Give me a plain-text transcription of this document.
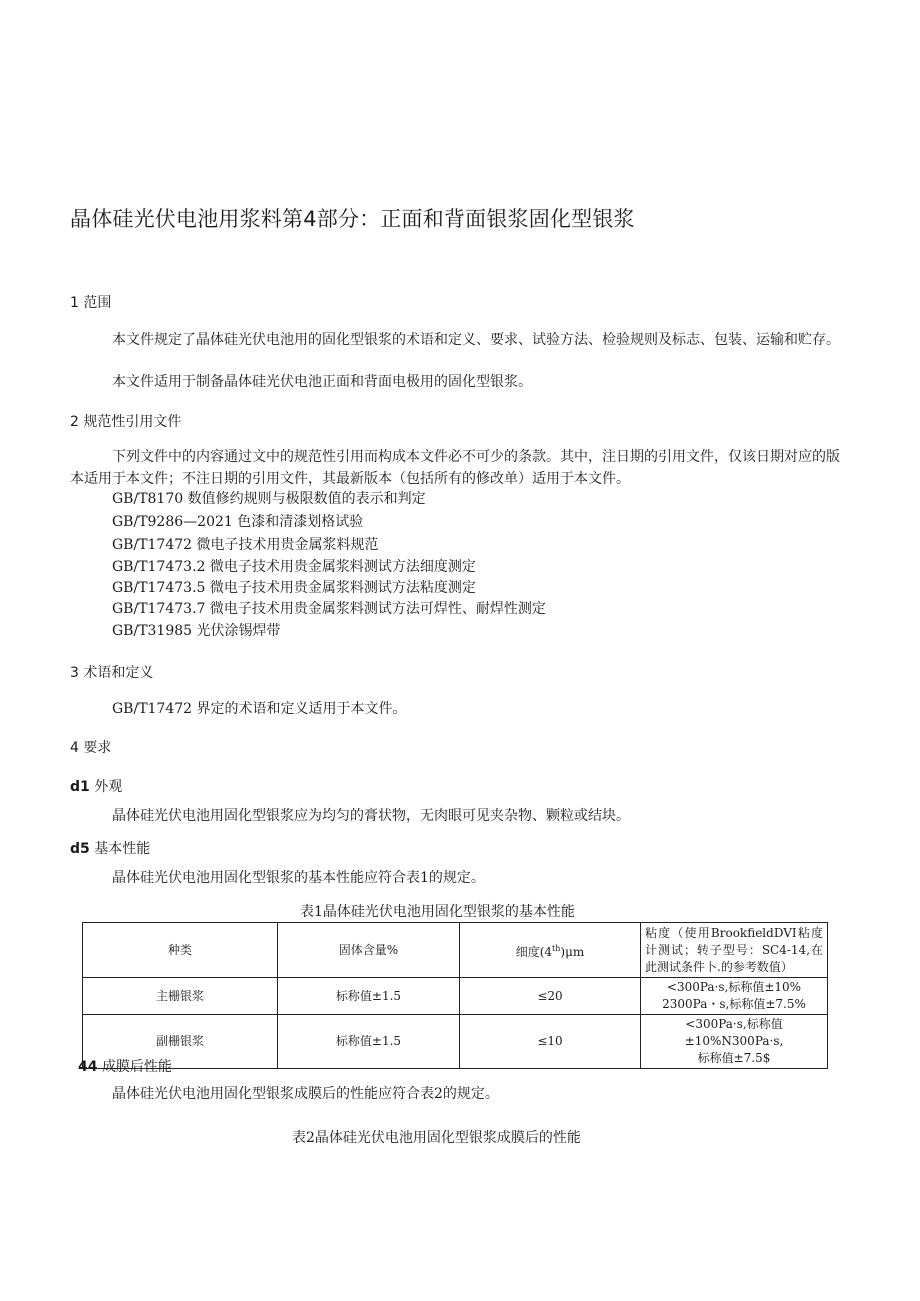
晶体硅光伏电池用浆料第4部分：正面和背面银浆固化型银浆
1 范围
本文件规定了晶体硅光伏电池用的固化型银浆的术语和定义、要求、试验方法、检验规则及标志、包装、运输和贮存。
本文件适用于制备晶体硅光伏电池正面和背面电极用的固化型银浆。
2 规范性引用文件
下列文件中的内容通过文中的规范性引用而构成本文件必不可少的条款。其中，注日期的引用文件，仅该日期对应的版本适用于本文件；不注日期的引用文件，其最新版本（包括所有的修改单）适用于本文件。
GB/T8170 数值修约规则与极限数值的表示和判定
GB/T9286—2021 色漆和清漆划格试验
GB/T17472 微电子技术用贵金属浆料规范
GB/T17473.2 微电子技术用贵金属浆料测试方法细度测定
GB/T17473.5 微电子技术用贵金属浆料测试方法粘度测定
GB/T17473.7 微电子技术用贵金属浆料测试方法可焊性、耐焊性测定
GB/T31985 光伏涂锡焊带
3 术语和定义
GB/T17472 界定的术语和定义适用于本文件。
4 要求
d1 外观
晶体硅光伏电池用固化型银浆应为均匀的膏状物，无肉眼可见夹杂物、颗粒或结块。
d5 基本性能
晶体硅光伏电池用固化型银浆的基本性能应符合表1的规定。
表1晶体硅光伏电池用固化型银浆的基本性能
种类	固体含量%	细度(4th)μm	粘度（使用BrookfieldDVI粘度计测试；转子型号：SC4-14,在此测试条件卜.的参考数值）
主栅银浆	标称值±1.5	≤20	<300Pa·s,标称值±10%
2300Pa・s,标称值±7.5%

副栅银浆	标称值±1.5	≤10	<300Pa·s,标称值±10%N300Pa·s,
标称值±7.5$
44 成膜后性能
晶体硅光伏电池用固化型银浆成膜后的性能应符合表2的规定。
表2晶体硅光伏电池用固化型银浆成膜后的性能
